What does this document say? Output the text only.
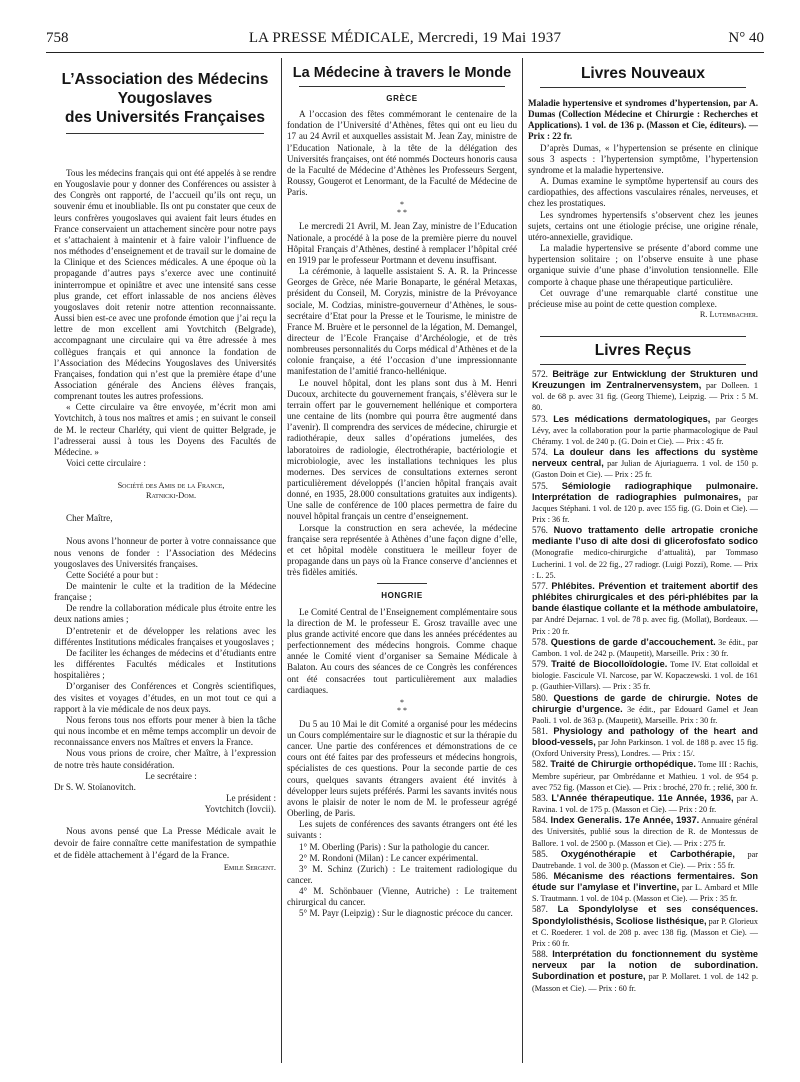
758	LA PRESSE MÉDICALE, Mercredi, 19 Mai 1937	N° 40
L’Association des Médecins
Yougoslaves
des Universités Françaises

Tous les médecins français qui ont été appelés à se rendre en Yougoslavie pour y donner des Conférences ou assister à des Congrès ont rapporté, de l’accueil qu’ils ont reçu, un souvenir ému et inoubliable. Ils ont pu constater que ceux de leurs confrères yougoslaves qui avaient fait leurs études en France conservaient un attachement sincère pour notre pays et s’attachaient à maintenir et à faire valoir l’influence de nos méthodes d’enseignement et de travail sur le domaine de la Clinique et des Sciences médicales. A une époque où la propagande d’autres pays s’exerce avec une continuité ininterrompue et opiniâtre et avec une intensité sans cesse plus grande, cet effort inlassable de nos anciens élèves yougoslaves doit retenir notre attention reconnaissante. Aussi bien est-ce avec une profonde émotion que j’ai reçu la lettre de mon excellent ami Yovtchitch (Belgrade), accompagnant une circulaire qui va être adressée à mes collègues français et qui annonce la fondation de l’Association des Médecins Yougoslaves des Universités Françaises, fondation qui n’est que la première étape d’une Association générale des Anciens élèves français, comprenant toutes les autres professions.

« Cette circulaire va être envoyée, m’écrit mon ami Yovtchitch, à tous nos maîtres et amis ; en suivant le conseil de M. le recteur Charléty, qui vient de quitter Belgrade, je l’adresserai aussi à tous les Doyens des Facultés de Médecine. »

Voici cette circulaire :

Société des Amis de la France,

Ratnicki-Dom.

Cher Maître,

Nous avons l’honneur de porter à votre connaissance que nous venons de fonder : l’Association des Médecins yougoslaves des Universités françaises.

Cette Société a pour but :

De maintenir le culte et la tradition de la Médecine française ;

De rendre la collaboration médicale plus étroite entre les deux nations amies ;

D’entretenir et de développer les relations avec les différentes Institutions médicales françaises et yougoslaves ;

De faciliter les échanges de médecins et d’étudiants entre les différentes Facultés médicales et Institutions hospitalières ;

D’organiser des Conférences et Congrès scientifiques, des visites et voyages d’études, en un mot tout ce qui a rapport à la vie médicale de nos deux pays.

Nous ferons tous nos efforts pour mener à bien la tâche qui nous incombe et en même temps accomplir un devoir de reconnaissance envers nos Maîtres et envers la France.

Nous vous prions de croire, cher Maître, à l’expression de notre très haute considération.

Le secrétaire :

Dr S. W. Stoïanovitch.

Le président :

Yovtchitch (Iovcii).

Nous avons pensé que La Presse Médicale avait le devoir de faire connaître cette manifestation de sympathie et de fidèle attachement à l’égard de la France.

Emile Sergent.

La Médecine à travers le Monde
GRÈCE

A l’occasion des fêtes commémorant le centenaire de la fondation de l’Université d’Athènes, fêtes qui ont eu lieu du 17 au 24 Avril et auxquelles assistait M. Jean Zay, ministre de l’Education Nationale, à la tête de la délégation des Universités françaises, ont été nommés Docteurs honoris causa de la Faculté de Médecine d’Athènes les Professeurs Sergent, Roussy, Gougerot et Lenormant, de la Faculté de Médecine de Paris.

*
* *

Le mercredi 21 Avril, M. Jean Zay, ministre de l’Education Nationale, a procédé à la pose de la première pierre du nouvel Hôpital Français d’Athènes, destiné à remplacer l’hôpital créé en 1919 par le professeur Portmann et devenu insuffisant.

La cérémonie, à laquelle assistaient S. A. R. la Princesse Georges de Grèce, née Marie Bonaparte, le général Metaxas, président du Conseil, M. Coryzis, ministre de la Prévoyance sociale, M. Codzias, ministre-gouverneur d’Athènes, le sous-secrétaire d’Etat pour la Presse et le Tourisme, le ministre de France M. Bruère et le personnel de la légation, M. Demangel, directeur de l’Ecole Française d’Archéologie, et de très nombreuses personnalités du Corps médical d’Athènes et de la colonie française, a été l’occasion d’une impressionnante manifestation de l’amitié franco-hellénique.

Le nouvel hôpital, dont les plans sont dus à M. Henri Ducoux, architecte du gouvernement français, s’élèvera sur le terrain offert par le gouvernement hellénique et comportera une centaine de lits (nombre qui pourra être augmenté dans l’avenir). Il comprendra des services de médecine, chirurgie et radiothérapie, deux salles d’opérations jumelées, des laboratoires de radiologie, électrothérapie, bactériologie et microbiologie, avec les installations techniques les plus modernes. Des services de consultations externes seront particulièrement développés (l’ancien hôpital français avait donné, en 1935, 28.000 consultations gratuites aux indigents). Une salle de conférence de 100 places permettra de faire du nouvel hôpital français un centre d’enseignement.

Lorsque la construction en sera achevée, la médecine française sera représentée à Athènes d’une façon digne d’elle, et cet hôpital modèle constituera le meilleur foyer de propagande dans un pays où la France conserve d’anciennes et très fidèles amitiés.

HONGRIE

Le Comité Central de l’Enseignement complémentaire sous la direction de M. le professeur E. Grosz travaille avec une plus grande activité encore que dans les années précédentes au perfectionnement des médecins hongrois. Comme chaque année le Comité vient d’organiser sa Semaine Médicale à Balaton. Au cours des séances de ce Congrès les conférences ont été consacrées tout particulièrement aux maladies cardiaques.

*
* *

Du 5 au 10 Mai le dit Comité a organisé pour les médecins un Cours complémentaire sur le diagnostic et sur la thérapie du cancer. Une partie des conférences et démonstrations de ce cours ont été faites par des professeurs et médecins hongrois, spécialistes de ces questions. Pour la seconde partie de ces cours, quelques savants étrangers avaient été invités à développer leurs sujets préférés. Parmi les savants invités nous avons le plaisir de noter le nom de M. le professeur agrégé Oberling, de Paris.

Les sujets de conférences des savants étrangers ont été les suivants :

1° M. Oberling (Paris) : Sur la pathologie du cancer.

2° M. Rondoni (Milan) : Le cancer expérimental.

3° M. Schinz (Zurich) : Le traitement radiologique du cancer.

4° M. Schönbauer (Vienne, Autriche) : Le traitement chirurgical du cancer.

5° M. Payr (Leipzig) : Sur le diagnostic précoce du cancer.

Livres Nouveaux

Maladie hypertensive et syndromes d’hypertension, par A. Dumas (Collection Médecine et Chirurgie : Recherches et Applications). 1 vol. de 136 p. (Masson et Cie, éditeurs). — Prix : 22 fr.

D’après Dumas, « l’hypertension se présente en clinique sous 3 aspects : l’hypertension symptôme, l’hypertension syndrome et la maladie hypertensive.

A. Dumas examine le symptôme hypertensif au cours des cardiopathies, des affections vasculaires rénales, nerveuses, et chez les prostatiques.

Les syndromes hypertensifs s’observent chez les jeunes sujets, certains ont une étiologie précise, une origine rénale, utéro-annexielle, gravidique.

La maladie hypertensive se présente d’abord comme une hypertension solitaire ; on l’observe ensuite à une phase organique suivie d’une phase d’involution tensionnelle. Elle comporte à chaque phase une thérapeutique particulière.

Cet ouvrage d’une remarquable clarté constitue une précieuse mise au point de cette question complexe.

R. Lutembacher.

Livres Reçus

572. Beiträge zur Entwicklung der Strukturen und Kreuzungen im Zentralnervensystem, par Dolleen. 1 vol. de 68 p. avec 31 fig. (Georg Thieme), Leipzig. — Prix : 5 M. 80.

573. Les médications dermatologiques, par Georges Lévy, avec la collaboration pour la partie pharmacologique de Paul Chéramy. 1 vol. de 240 p. (G. Doin et Cie). — Prix : 45 fr.

574. La douleur dans les affections du système nerveux central, par Julian de Ajuriaguerra. 1 vol. de 150 p. (Gaston Doin et Cie). — Prix : 25 fr.

575. Sémiologie radiographique pulmonaire. Interprétation de radiographies pulmonaires, par Jacques Stéphani. 1 vol. de 120 p. avec 155 fig. (G. Doin et Cie). — Prix : 36 fr.

576. Nuovo trattamento delle artropatie croniche mediante l’uso di alte dosi di glicerofosfato sodico (Monografie medico-chirurgiche d’attualità), par Tommaso Lucherini. 1 vol. de 22 fig., 27 radiogr. (Luigi Pozzi), Rome. — Prix : L. 25.

577. Phlébites. Prévention et traitement abortif des phlébites chirurgicales et des péri-phlébites par la bande élastique collante et la méthode ambulatoire, par André Dejarnac. 1 vol. de 78 p. avec fig. (Mollat), Bordeaux. — Prix : 20 fr.

578. Questions de garde d’accouchement. 3e édit., par Cambon. 1 vol. de 242 p. (Maupetit), Marseille. Prix : 30 fr.

579. Traité de Biocolloïdologie. Tome IV. Etat colloïdal et biologie. Fascicule VI. Narcose, par W. Kopaczewski. 1 vol. de 161 p. (Gauthier-Villars). — Prix : 35 fr.

580. Questions de garde de chirurgie. Notes de chirurgie d’urgence. 3e édit., par Edouard Gamel et Jean Paoli. 1 vol. de 363 p. (Maupetit), Marseille. Prix : 30 fr.

581. Physiology and pathology of the heart and blood-vessels, par John Parkinson. 1 vol. de 188 p. avec 15 fig. (Oxford University Press), Londres. — Prix : 15/.

582. Traité de Chirurgie orthopédique. Tome III : Rachis, Membre supérieur, par Ombrédanne et Mathieu. 1 vol. de 954 p. avec 752 fig. (Masson et Cie). — Prix : broché, 270 fr. ; relié, 300 fr.

583. L’Année thérapeutique. 11e Année, 1936, par A. Ravina. 1 vol. de 175 p. (Masson et Cie). — Prix : 20 fr.

584. Index Generalis. 17e Année, 1937. Annuaire général des Universités, publié sous la direction de R. de Montessus de Ballore. 1 vol. de 2500 p. (Masson et Cie). — Prix : 275 fr.

585. Oxygénothérapie et Carbothérapie, par Dautrebande. 1 vol. de 300 p. (Masson et Cie). — Prix : 55 fr.

586. Mécanisme des réactions fermentaires. Son étude sur l’amylase et l’invertine, par L. Ambard et Mlle S. Trautmann. 1 vol. de 104 p. (Masson et Cie). — Prix : 35 fr.

587. La Spondylolyse et ses conséquences. Spondylolisthésis, Scoliose listhésique, par P. Glorieux et C. Roederer. 1 vol. de 208 p. avec 138 fig. (Masson et Cie). — Prix : 60 fr.

588. Interprétation du fonctionnement du système nerveux par la notion de subordination. Subordination et posture, par P. Mollaret. 1 vol. de 142 p. (Masson et Cie). — Prix : 60 fr.
